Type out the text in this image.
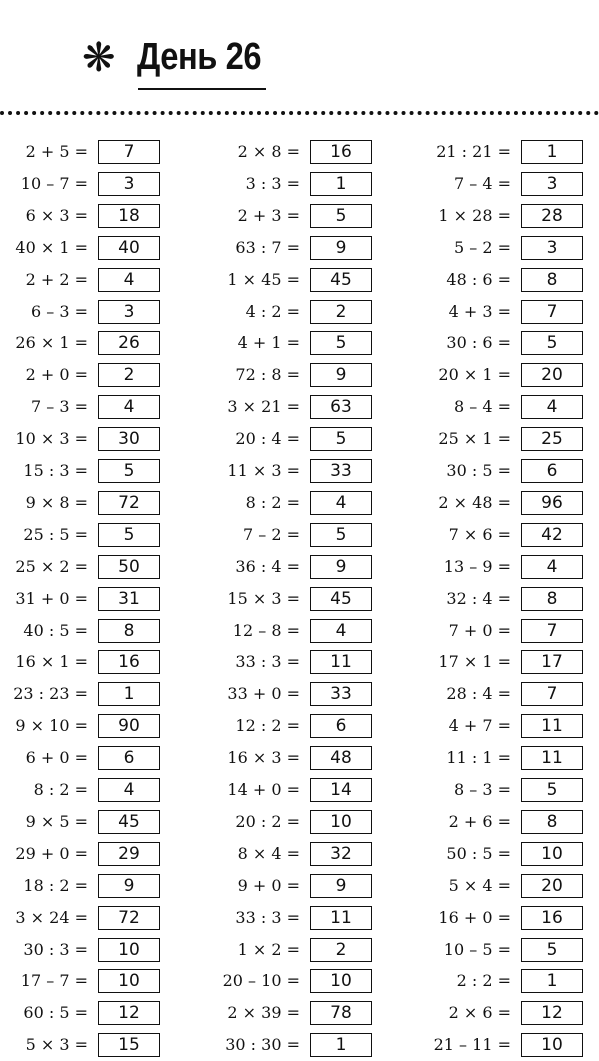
❋ День 26
2 + 5 =	7
10 – 7 =	3
6 × 3 =	18
40 × 1 =	40
2 + 2 =	4
6 – 3 =	3
26 × 1 =	26
2 + 0 =	2
7 – 3 =	4
10 × 3 =	30
15 : 3 =	5
9 × 8 =	72
25 : 5 =	5
25 × 2 =	50
31 + 0 =	31
40 : 5 =	8
16 × 1 =	16
23 : 23 =	1
9 × 10 =	90
6 + 0 =	6
8 : 2 =	4
9 × 5 =	45
29 + 0 =	29
18 : 2 =	9
3 × 24 =	72
30 : 3 =	10
17 – 7 =	10
60 : 5 =	12
5 × 3 =	15
2 × 8 =	16
3 : 3 =	1
2 + 3 =	5
63 : 7 =	9
1 × 45 =	45
4 : 2 =	2
4 + 1 =	5
72 : 8 =	9
3 × 21 =	63
20 : 4 =	5
11 × 3 =	33
8 : 2 =	4
7 – 2 =	5
36 : 4 =	9
15 × 3 =	45
12 – 8 =	4
33 : 3 =	11
33 + 0 =	33
12 : 2 =	6
16 × 3 =	48
14 + 0 =	14
20 : 2 =	10
8 × 4 =	32
9 + 0 =	9
33 : 3 =	11
1 × 2 =	2
20 – 10 =	10
2 × 39 =	78
30 : 30 =	1
21 : 21 =	1
7 – 4 =	3
1 × 28 =	28
5 – 2 =	3
48 : 6 =	8
4 + 3 =	7
30 : 6 =	5
20 × 1 =	20
8 – 4 =	4
25 × 1 =	25
30 : 5 =	6
2 × 48 =	96
7 × 6 =	42
13 – 9 =	4
32 : 4 =	8
7 + 0 =	7
17 × 1 =	17
28 : 4 =	7
4 + 7 =	11
11 : 1 =	11
8 – 3 =	5
2 + 6 =	8
50 : 5 =	10
5 × 4 =	20
16 + 0 =	16
10 – 5 =	5
2 : 2 =	1
2 × 6 =	12
21 – 11 =	10
